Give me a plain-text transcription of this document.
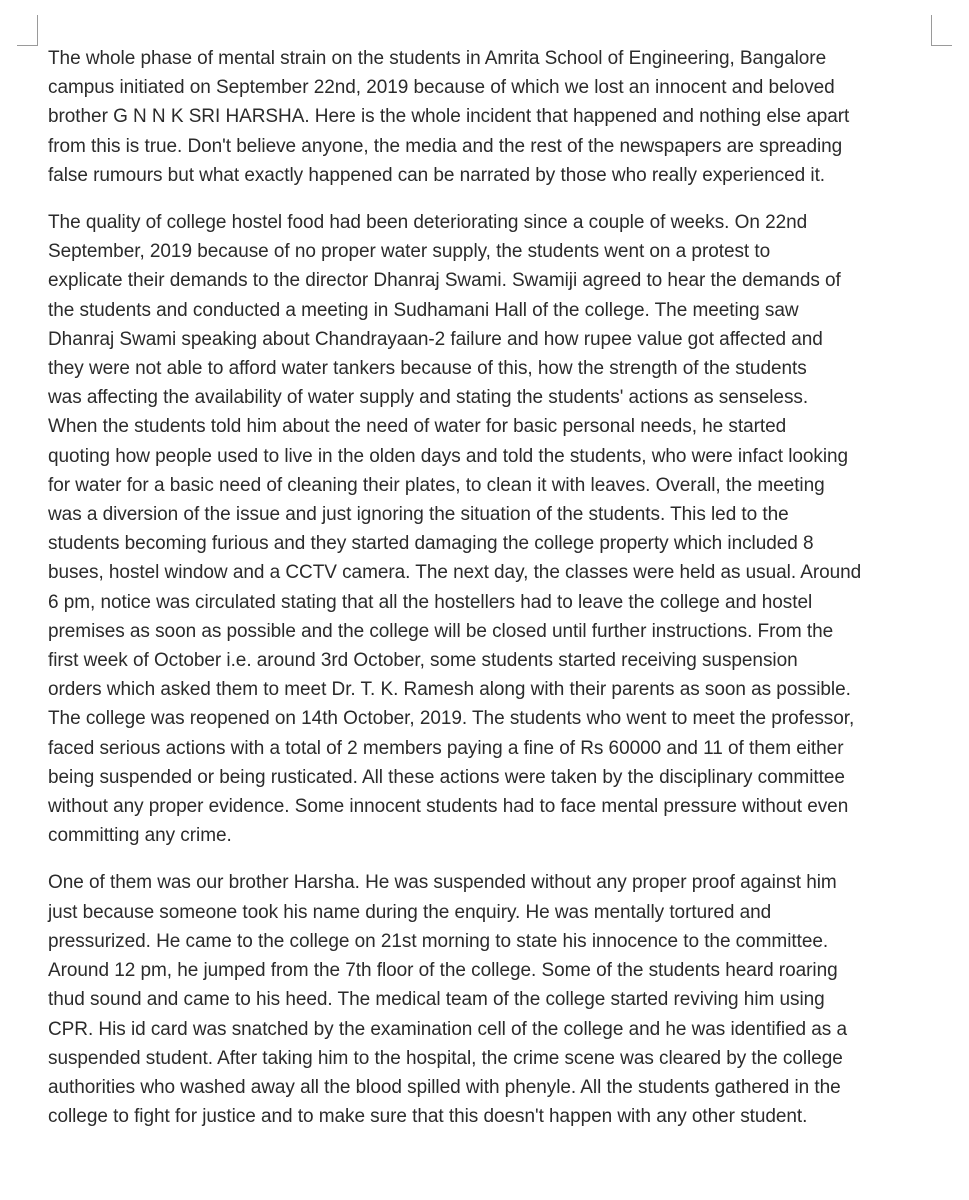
The whole phase of mental strain on the students in Amrita School of Engineering, Bangalore
campus initiated on September 22nd, 2019 because of which we lost an innocent and beloved
brother G N N K SRI HARSHA. Here is the whole incident that happened and nothing else apart
from this is true. Don't believe anyone, the media and the rest of the newspapers are spreading
false rumours but what exactly happened can be narrated by those who really experienced it.

The quality of college hostel food had been deteriorating since a couple of weeks. On 22nd
September, 2019 because of no proper water supply, the students went on a protest to
explicate their demands to the director Dhanraj Swami. Swamiji agreed to hear the demands of
the students and conducted a meeting in Sudhamani Hall of the college. The meeting saw
Dhanraj Swami speaking about Chandrayaan-2 failure and how rupee value got affected and
they were not able to afford water tankers because of this, how the strength of the students
was affecting the availability of water supply and stating the students' actions as senseless.
When the students told him about the need of water for basic personal needs, he started
quoting how people used to live in the olden days and told the students, who were infact looking
for water for a basic need of cleaning their plates, to clean it with leaves. Overall, the meeting
was a diversion of the issue and just ignoring the situation of the students. This led to the
students becoming furious and they started damaging the college property which included 8
buses, hostel window and a CCTV camera. The next day, the classes were held as usual. Around
6 pm, notice was circulated stating that all the hostellers had to leave the college and hostel
premises as soon as possible and the college will be closed until further instructions. From the
first week of October i.e. around 3rd October, some students started receiving suspension
orders which asked them to meet Dr. T. K. Ramesh along with their parents as soon as possible.
The college was reopened on 14th October, 2019. The students who went to meet the professor,
faced serious actions with a total of 2 members paying a fine of Rs 60000 and 11 of them either
being suspended or being rusticated. All these actions were taken by the disciplinary committee
without any proper evidence. Some innocent students had to face mental pressure without even
committing any crime.

One of them was our brother Harsha. He was suspended without any proper proof against him
just because someone took his name during the enquiry. He was mentally tortured and
pressurized. He came to the college on 21st morning to state his innocence to the committee.
Around 12 pm, he jumped from the 7th floor of the college. Some of the students heard roaring
thud sound and came to his heed. The medical team of the college started reviving him using
CPR. His id card was snatched by the examination cell of the college and he was identified as a
suspended student. After taking him to the hospital, the crime scene was cleared by the college
authorities who washed away all the blood spilled with phenyle. All the students gathered in the
college to fight for justice and to make sure that this doesn't happen with any other student.
